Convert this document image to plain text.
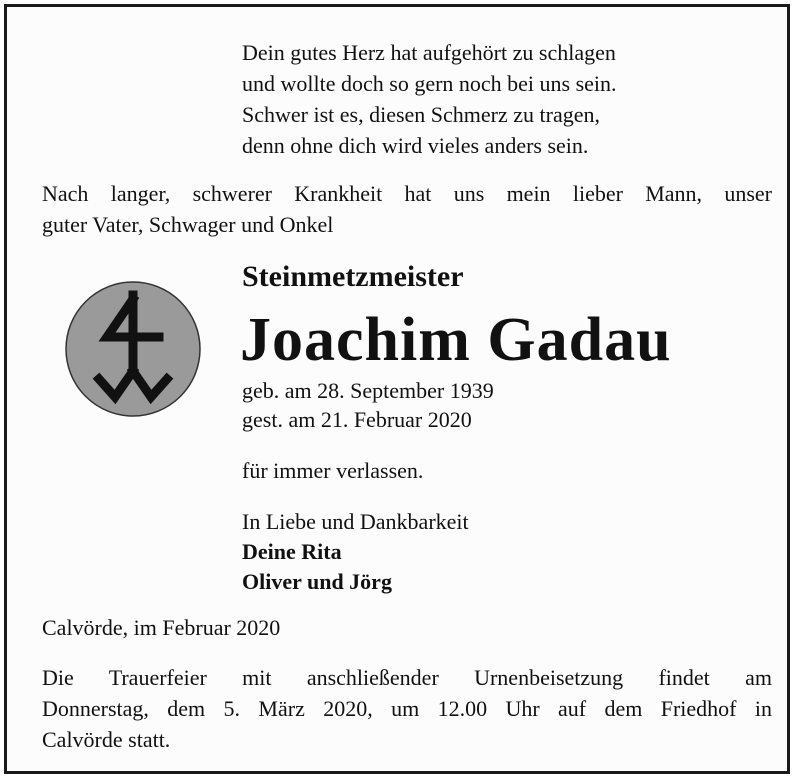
Dein gutes Herz hat aufgehört zu schlagen
und wollte doch so gern noch bei uns sein.
Schwer ist es, diesen Schmerz zu tragen,
denn ohne dich wird vieles anders sein.
Nach langer, schwerer Krankheit hat uns mein lieber Mann, unser
guter Vater, Schwager und Onkel
Steinmetzmeister
Joachim Gadau
geb. am 28. September 1939
gest. am 21. Februar 2020
für immer verlassen.
In Liebe und Dankbarkeit
Deine Rita
Oliver und Jörg
Calvörde, im Februar 2020
Die Trauerfeier mit anschließender Urnenbeisetzung findet am
Donnerstag, dem 5. März 2020, um 12.00 Uhr auf dem Friedhof in
Calvörde statt.
